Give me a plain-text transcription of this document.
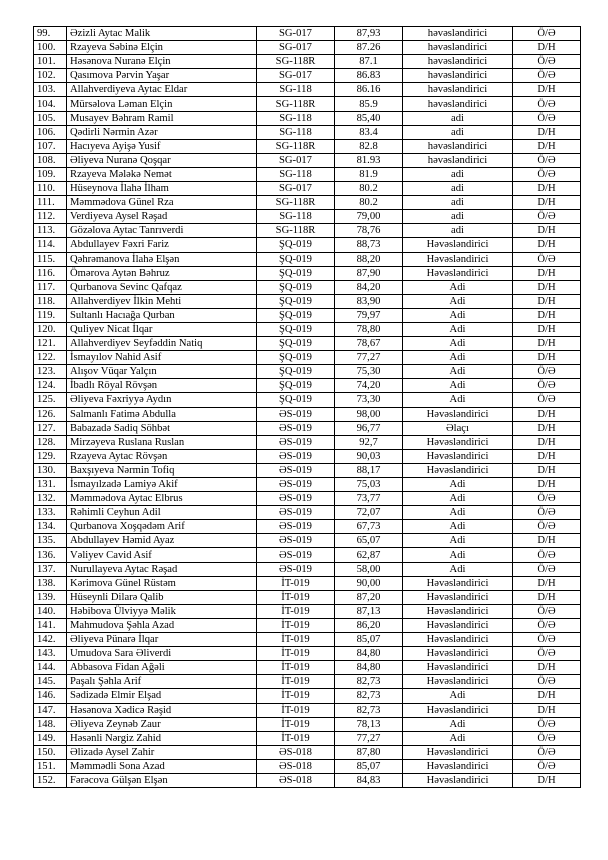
99.	Əzizli Aytac Malik	SG-017	87,93	həvəsləndirici	Ö/Ə
100.	Rzayeva Səbinə Elçin	SG-017	87.26	həvəsləndirici	D/H
101.	Həsənova Nuranə Elçin	SG-118R	87.1	həvəsləndirici	Ö/Ə
102.	Qasımova Pərvin Yaşar	SG-017	86.83	həvəsləndirici	Ö/Ə
103.	Allahverdiyeva Aytac Eldar	SG-118	86.16	həvəsləndirici	D/H
104.	Mürsəlova Ləman Elçin	SG-118R	85.9	həvəsləndirici	Ö/Ə
105.	Musayev Bəhram Ramil	SG-118	85,40	adi	Ö/Ə
106.	Qədirli Nərmin Azər	SG-118	83.4	adi	D/H
107.	Hacıyeva Ayişə Yusif	SG-118R	82.8	həvəsləndirici	D/H
108.	Əliyeva Nuranə Qoşqar	SG-017	81.93	həvəsləndirici	Ö/Ə
109.	Rzayeva Mələkə Nemət	SG-118	81.9	adi	Ö/Ə
110.	Hüseynova İlahə İlham	SG-017	80.2	adi	D/H
111.	Məmmədova Günel Rza	SG-118R	80.2	adi	D/H
112.	Verdiyeva Aysel Rəşad	SG-118	79,00	adi	Ö/Ə
113.	Gözəlova Aytac Tanrıverdi	SG-118R	78,76	adi	D/H
114.	Abdullayev Fəxri Fariz	ŞQ-019	88,73	Həvəsləndirici	D/H
115.	Qəhrəmanova İlahə Elşən	ŞQ-019	88,20	Həvəsləndirici	Ö/Ə
116.	Ömərova Aytən Bəhruz	ŞQ-019	87,90	Həvəsləndirici	D/H
117.	Qurbanova Sevinc Qafqaz	ŞQ-019	84,20	Adi	D/H
118.	Allahverdiyev İlkin Mehti	ŞQ-019	83,90	Adi	D/H
119.	Sultanlı Hacıağa Qurban	ŞQ-019	79,97	Adi	D/H
120.	Quliyev Nicat İlqar	ŞQ-019	78,80	Adi	D/H
121.	Allahverdiyev Seyfəddin Natiq	ŞQ-019	78,67	Adi	D/H
122.	İsmayılov Nahid Asif	ŞQ-019	77,27	Adi	D/H
123.	Alışov Vüqar Yalçın	ŞQ-019	75,30	Adi	Ö/Ə
124.	İbadlı Röyal Rövşən	ŞQ-019	74,20	Adi	Ö/Ə
125.	Əliyeva Fəxriyyə Aydın	ŞQ-019	73,30	Adi	Ö/Ə
126.	Salmanlı Fatimə Abdulla	ƏS-019	98,00	Həvəsləndirici	D/H
127.	Babazadə Sadiq Söhbət	ƏS-019	96,77	Əlaçı	D/H
128.	Mirzəyeva Ruslana Ruslan	ƏS-019	92,7	Həvəsləndirici	D/H
129.	Rzayeva Aytac Rövşən	ƏS-019	90,03	Həvəsləndirici	D/H
130.	Baxşıyeva Nərmin Tofiq	ƏS-019	88,17	Həvəsləndirici	D/H
131.	İsmayılzadə Lamiyə Akif	ƏS-019	75,03	Adi	D/H
132.	Məmmədova Aytac Elbrus	ƏS-019	73,77	Adi	Ö/Ə
133.	Rəhimli Ceyhun Adil	ƏS-019	72,07	Adi	Ö/Ə
134.	Qurbanova Xoşqədəm Arif	ƏS-019	67,73	Adi	Ö/Ə
135.	Abdullayev Həmid Ayaz	ƏS-019	65,07	Adi	D/H
136.	Vəliyev Cavid Asif	ƏS-019	62,87	Adi	Ö/Ə
137.	Nurullayeva Aytac Rəşad	ƏS-019	58,00	Adi	Ö/Ə
138.	Kərimova Günel Rüstəm	İT-019	90,00	Həvəsləndirici	D/H
139.	Hüseynli Dilarə Qalib	İT-019	87,20	Həvəsləndirici	D/H
140.	Həbibova Ülviyyə Məlik	İT-019	87,13	Həvəsləndirici	Ö/Ə
141.	Mahmudova Şəhla Azad	İT-019	86,20	Həvəsləndirici	Ö/Ə
142.	Əliyeva Pünarə İlqar	İT-019	85,07	Həvəsləndirici	Ö/Ə
143.	Umudova Sara Əliverdi	İT-019	84,80	Həvəsləndirici	Ö/Ə
144.	Abbasova Fidan Ağəli	İT-019	84,80	Həvəsləndirici	D/H
145.	Paşalı Şəhla Arif	İT-019	82,73	Həvəsləndirici	Ö/Ə
146.	Sədizadə Elmir Elşad	İT-019	82,73	Adi	D/H
147.	Həsənova Xədicə Rəşid	İT-019	82,73	Həvəsləndirici	D/H
148.	Əliyeva Zeynəb Zaur	İT-019	78,13	Adi	Ö/Ə
149.	Həsənli Nərgiz Zahid	İT-019	77,27	Adi	Ö/Ə
150.	Əlizadə Aysel Zahir	ƏS-018	87,80	Həvəsləndirici	Ö/Ə
151.	Məmmədli Sona Azad	ƏS-018	85,07	Həvəsləndirici	Ö/Ə
152.	Fərəcova Gülşən Elşən	ƏS-018	84,83	Həvəsləndirici	D/H
